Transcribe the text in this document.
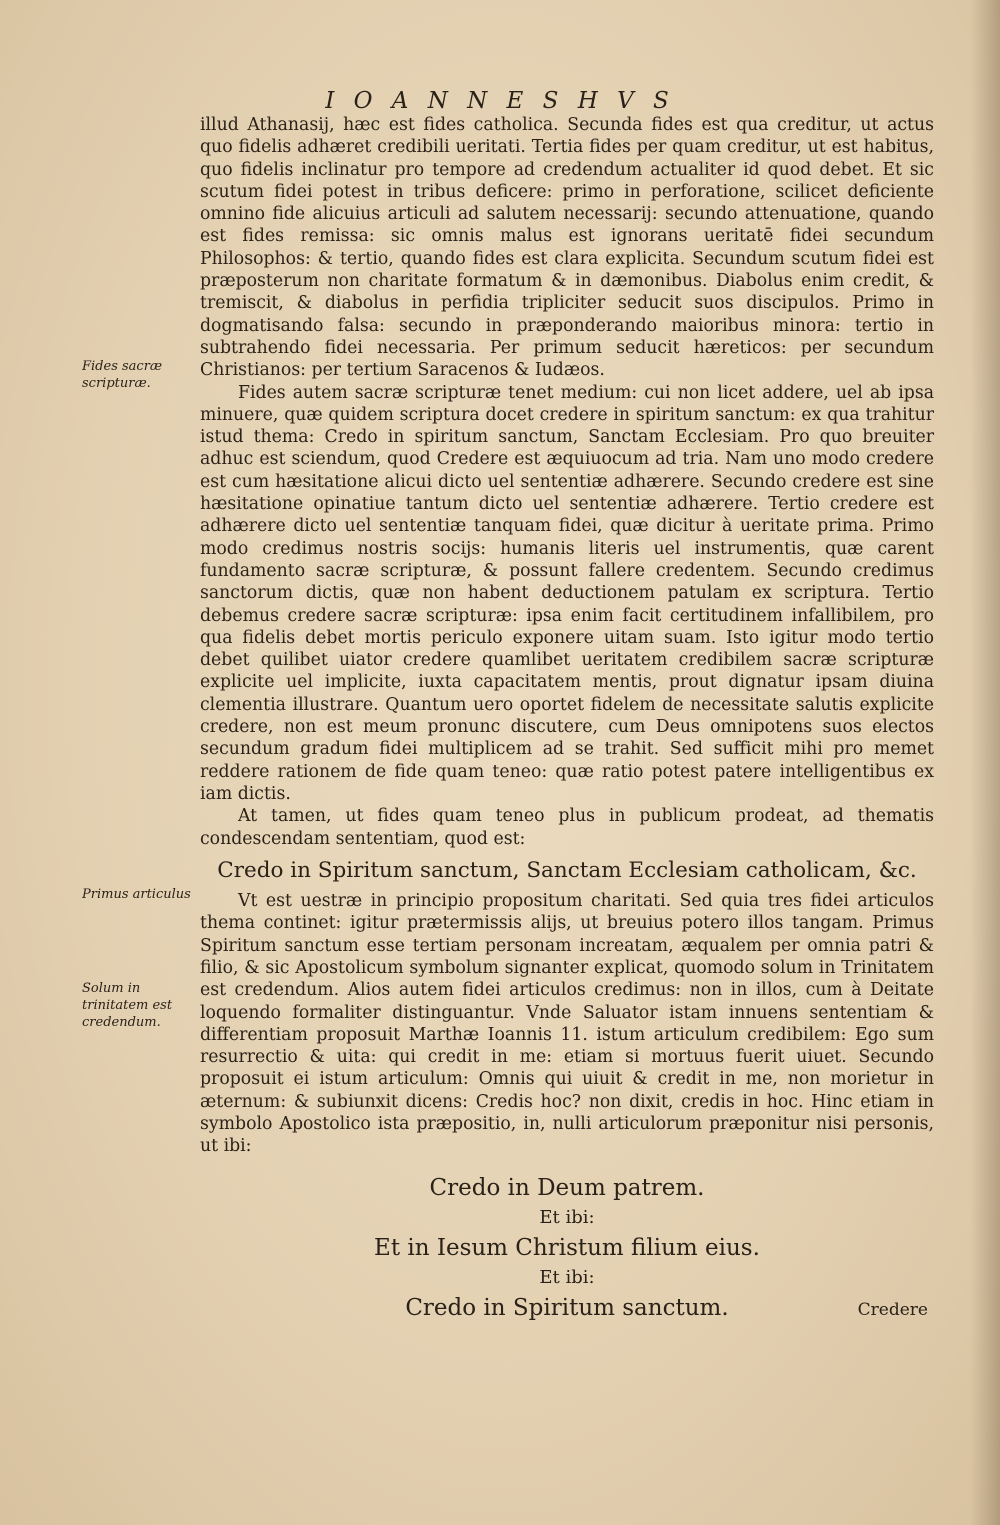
I O A N N E S H V S
Fides sacræ scripturæ.
Primus articulus
Solum in trinitatem est credendum.

illud Athanasij, hæc est fides catholica. Secunda fides est qua creditur, ut actus quo fidelis adhæret credibili ueritati. Tertia fides per quam creditur, ut est habitus, quo fidelis inclinatur pro tempore ad credendum actualiter id quod debet. Et sic scutum fidei potest in tribus deficere: primo in perforatione, scilicet deficiente omnino fide alicuius articuli ad salutem necessarij: secundo attenuatione, quando est fides remissa: sic omnis malus est ignorans ueritatē fidei secundum Philosophos: & tertio, quando fides est clara explicita. Secundum scutum fidei est præposterum non charitate formatum & in dæmonibus. Diabolus enim credit, & tremiscit, & diabolus in perfidia tripliciter seducit suos discipulos. Primo in dogmatisando falsa: secundo in præponderando maioribus minora: tertio in subtrahendo fidei necessaria. Per primum seducit hæreticos: per secundum Christianos: per tertium Saracenos & Iudæos.

Fides autem sacræ scripturæ tenet medium: cui non licet addere, uel ab ipsa minuere, quæ quidem scriptura docet credere in spiritum sanctum: ex qua trahitur istud thema: Credo in spiritum sanctum, Sanctam Ecclesiam. Pro quo breuiter adhuc est sciendum, quod Credere est æquiuocum ad tria. Nam uno modo credere est cum hæsitatione alicui dicto uel sententiæ adhærere. Secundo credere est sine hæsitatione opinatiue tantum dicto uel sententiæ adhærere. Tertio credere est adhærere dicto uel sententiæ tanquam fidei, quæ dicitur à ueritate prima. Primo modo credimus nostris socijs: humanis literis uel instrumentis, quæ carent fundamento sacræ scripturæ, & possunt fallere credentem. Secundo credimus sanctorum dictis, quæ non habent deductionem patulam ex scriptura. Tertio debemus credere sacræ scripturæ: ipsa enim facit certitudinem infallibilem, pro qua fidelis debet mortis periculo exponere uitam suam. Isto igitur modo tertio debet quilibet uiator credere quamlibet ueritatem credibilem sacræ scripturæ explicite uel implicite, iuxta capacitatem mentis, prout dignatur ipsam diuina clementia illustrare. Quantum uero oportet fidelem de necessitate salutis explicite credere, non est meum pronunc discutere, cum Deus omnipotens suos electos secundum gradum fidei multiplicem ad se trahit. Sed sufficit mihi pro memet reddere rationem de fide quam teneo: quæ ratio potest patere intelligentibus ex iam dictis.

At tamen, ut fides quam teneo plus in publicum prodeat, ad thematis condescendam sententiam, quod est:

Credo in Spiritum sanctum, Sanctam Ecclesiam catholicam, &c.

Vt est uestræ in principio propositum charitati. Sed quia tres fidei articulos thema continet: igitur prætermissis alijs, ut breuius potero illos tangam. Primus Spiritum sanctum esse tertiam personam increatam, æqualem per omnia patri & filio, & sic Apostolicum symbolum signanter explicat, quomodo solum in Trinitatem est credendum. Alios autem fidei articulos credimus: non in illos, cum à Deitate loquendo formaliter distinguantur. Vnde Saluator istam innuens sententiam & differentiam proposuit Marthæ Ioannis 11. istum articulum credibilem: Ego sum resurrectio & uita: qui credit in me: etiam si mortuus fuerit uiuet. Secundo proposuit ei istum articulum: Omnis qui uiuit & credit in me, non morietur in æternum: & subiunxit dicens: Credis hoc? non dixit, credis in hoc. Hinc etiam in symbolo Apostolico ista præpositio, in, nulli articulorum præponitur nisi personis, ut ibi:

Credo in Deum patrem.
Et ibi:
Et in Iesum Christum filium eius.
Et ibi:
Credo in Spiritum sanctum.	Credere
